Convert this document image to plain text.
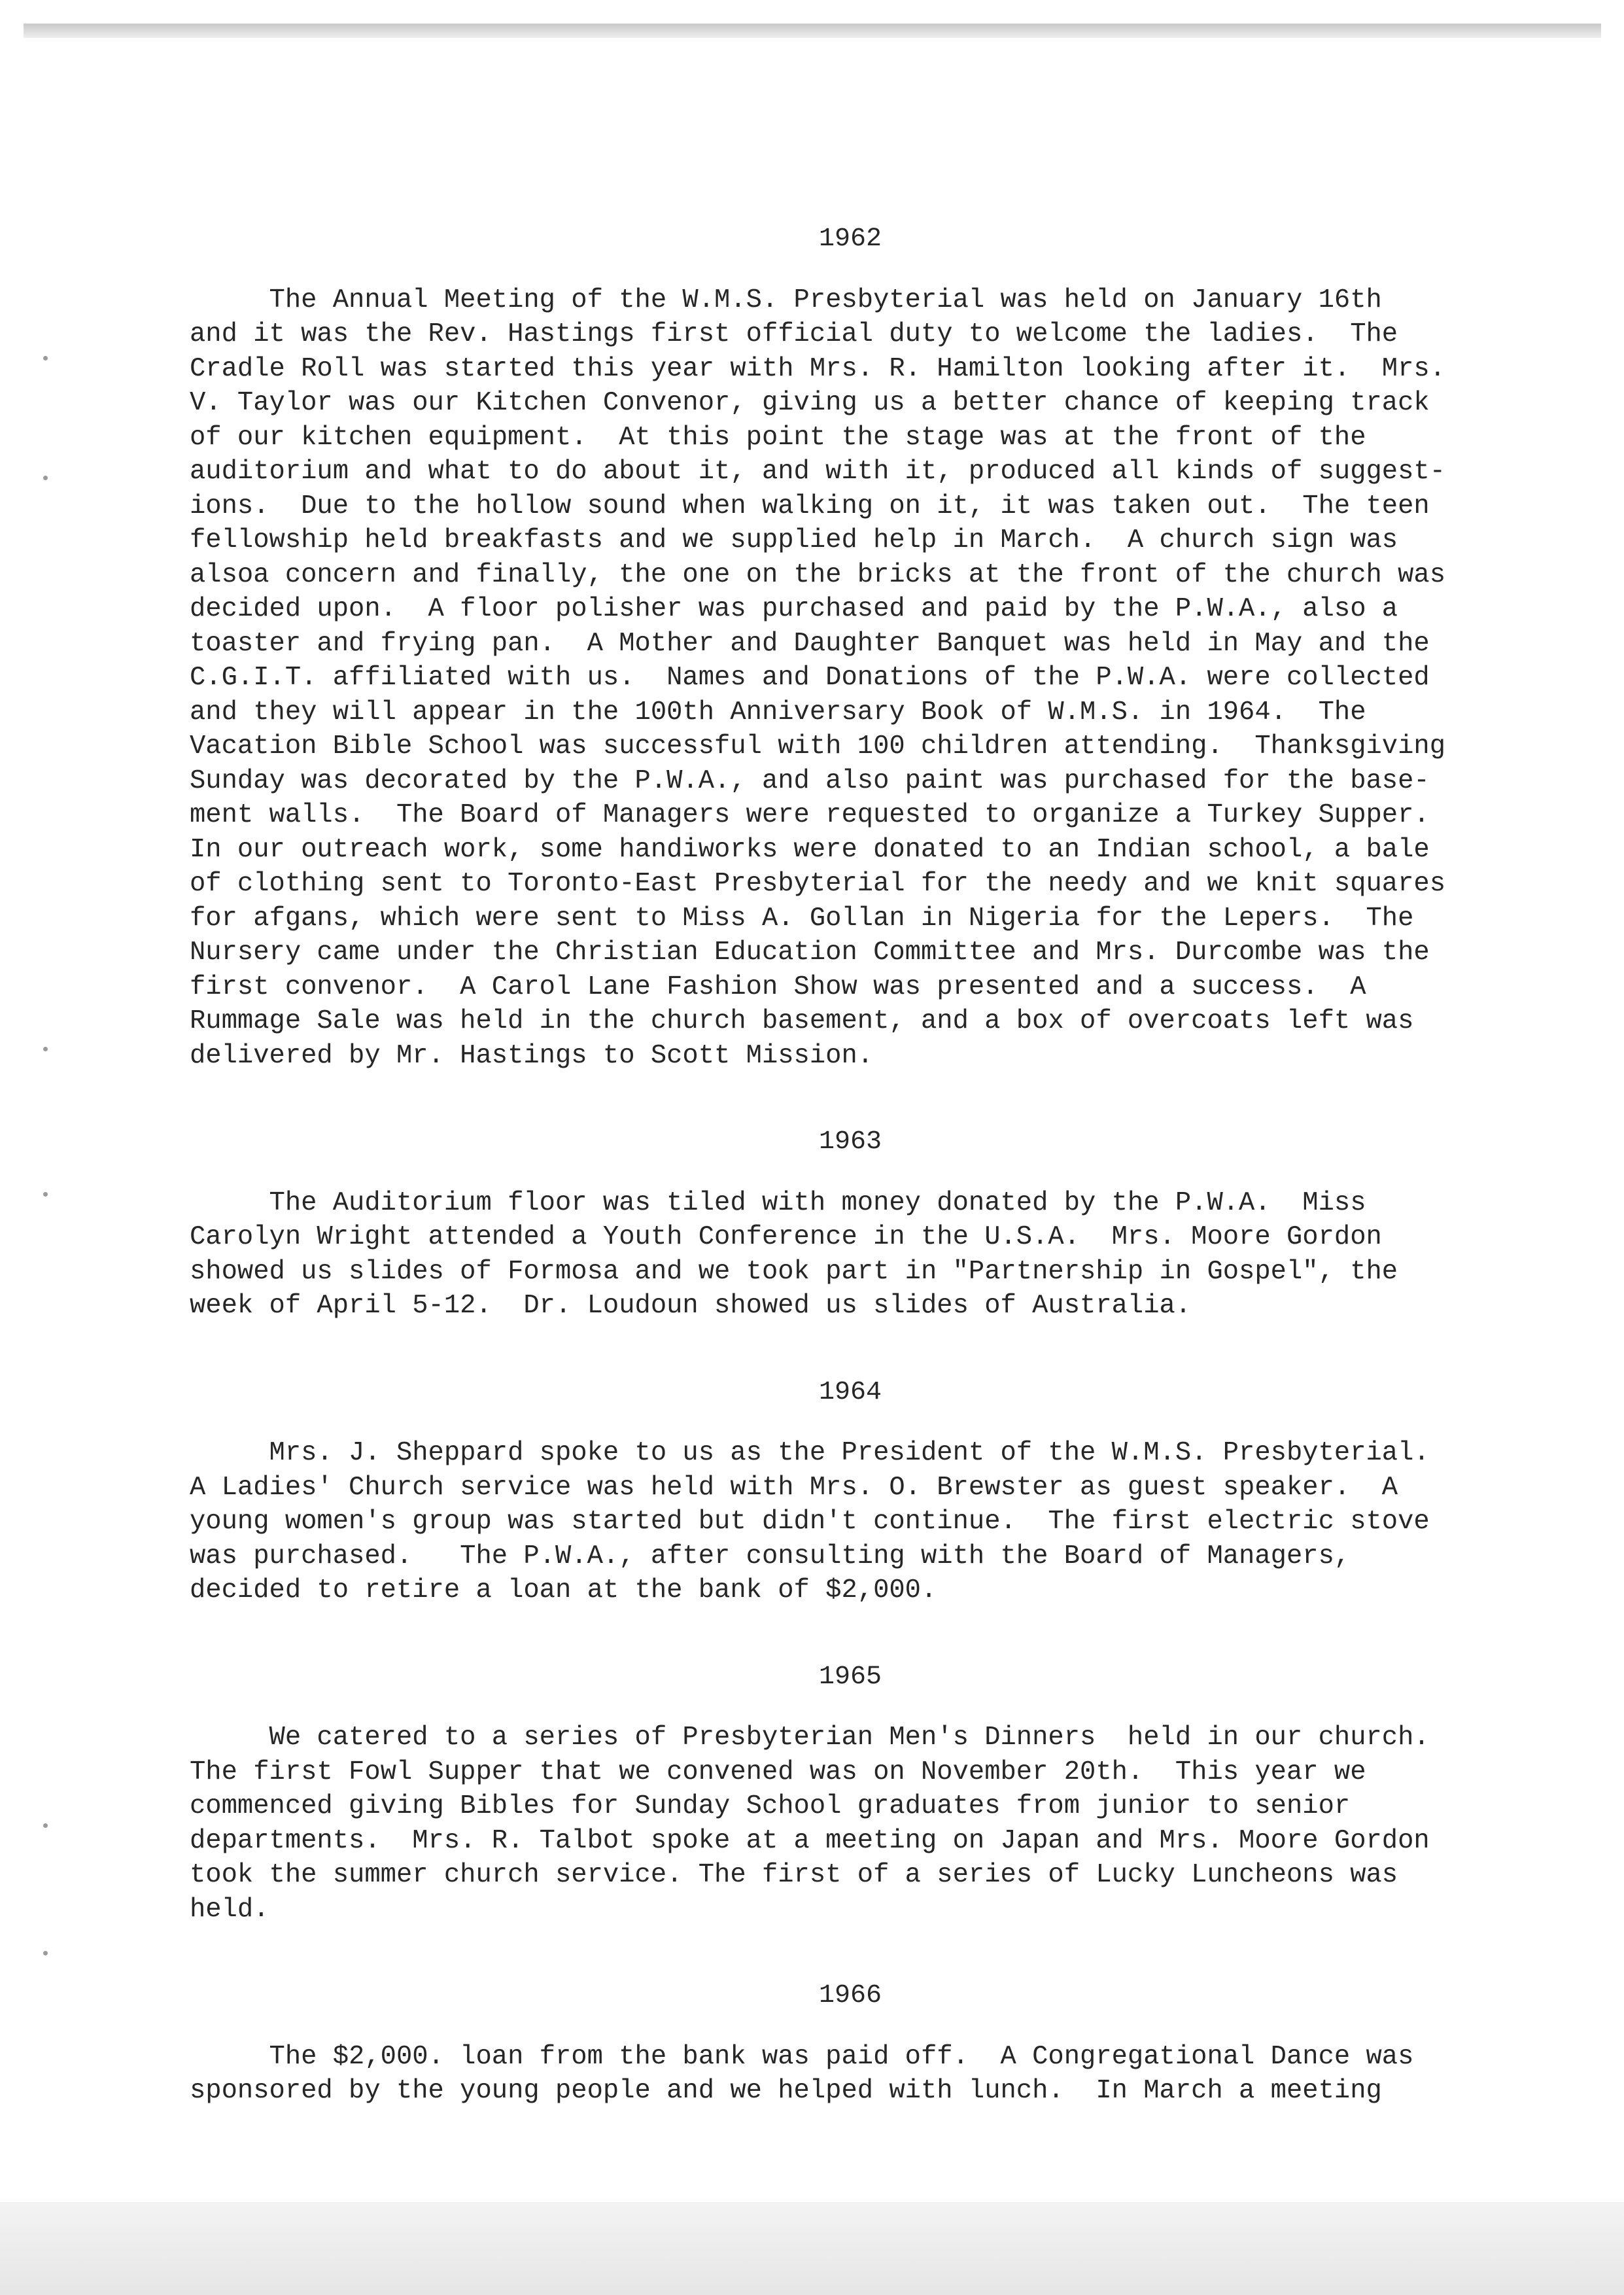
1962
The Annual Meeting of the W.M.S. Presbyterial was held on January 16th
and it was the Rev. Hastings first official duty to welcome the ladies.  The
Cradle Roll was started this year with Mrs. R. Hamilton looking after it.  Mrs.
V. Taylor was our Kitchen Convenor, giving us a better chance of keeping track
of our kitchen equipment.  At this point the stage was at the front of the
auditorium and what to do about it, and with it, produced all kinds of suggest-
ions.  Due to the hollow sound when walking on it, it was taken out.  The teen
fellowship held breakfasts and we supplied help in March.  A church sign was
alsoa concern and finally, the one on the bricks at the front of the church was
decided upon.  A floor polisher was purchased and paid by the P.W.A., also a
toaster and frying pan.  A Mother and Daughter Banquet was held in May and the
C.G.I.T. affiliated with us.  Names and Donations of the P.W.A. were collected
and they will appear in the 100th Anniversary Book of W.M.S. in 1964.  The
Vacation Bible School was successful with 100 children attending.  Thanksgiving
Sunday was decorated by the P.W.A., and also paint was purchased for the base-
ment walls.  The Board of Managers were requested to organize a Turkey Supper.
In our outreach work, some handiworks were donated to an Indian school, a bale
of clothing sent to Toronto-East Presbyterial for the needy and we knit squares
for afgans, which were sent to Miss A. Gollan in Nigeria for the Lepers.  The
Nursery came under the Christian Education Committee and Mrs. Durcombe was the
first convenor.  A Carol Lane Fashion Show was presented and a success.  A
Rummage Sale was held in the church basement, and a box of overcoats left was
delivered by Mr. Hastings to Scott Mission.
1963
The Auditorium floor was tiled with money donated by the P.W.A.  Miss
Carolyn Wright attended a Youth Conference in the U.S.A.  Mrs. Moore Gordon
showed us slides of Formosa and we took part in "Partnership in Gospel", the
week of April 5-12.  Dr. Loudoun showed us slides of Australia.
1964
Mrs. J. Sheppard spoke to us as the President of the W.M.S. Presbyterial.
A Ladies' Church service was held with Mrs. O. Brewster as guest speaker.  A
young women's group was started but didn't continue.  The first electric stove
was purchased.   The P.W.A., after consulting with the Board of Managers,
decided to retire a loan at the bank of $2,000.
1965
We catered to a series of Presbyterian Men's Dinners  held in our church.
The first Fowl Supper that we convened was on November 20th.  This year we
commenced giving Bibles for Sunday School graduates from junior to senior
departments.  Mrs. R. Talbot spoke at a meeting on Japan and Mrs. Moore Gordon
took the summer church service. The first of a series of Lucky Luncheons was
held.
1966
The $2,000. loan from the bank was paid off.  A Congregational Dance was
sponsored by the young people and we helped with lunch.  In March a meeting
